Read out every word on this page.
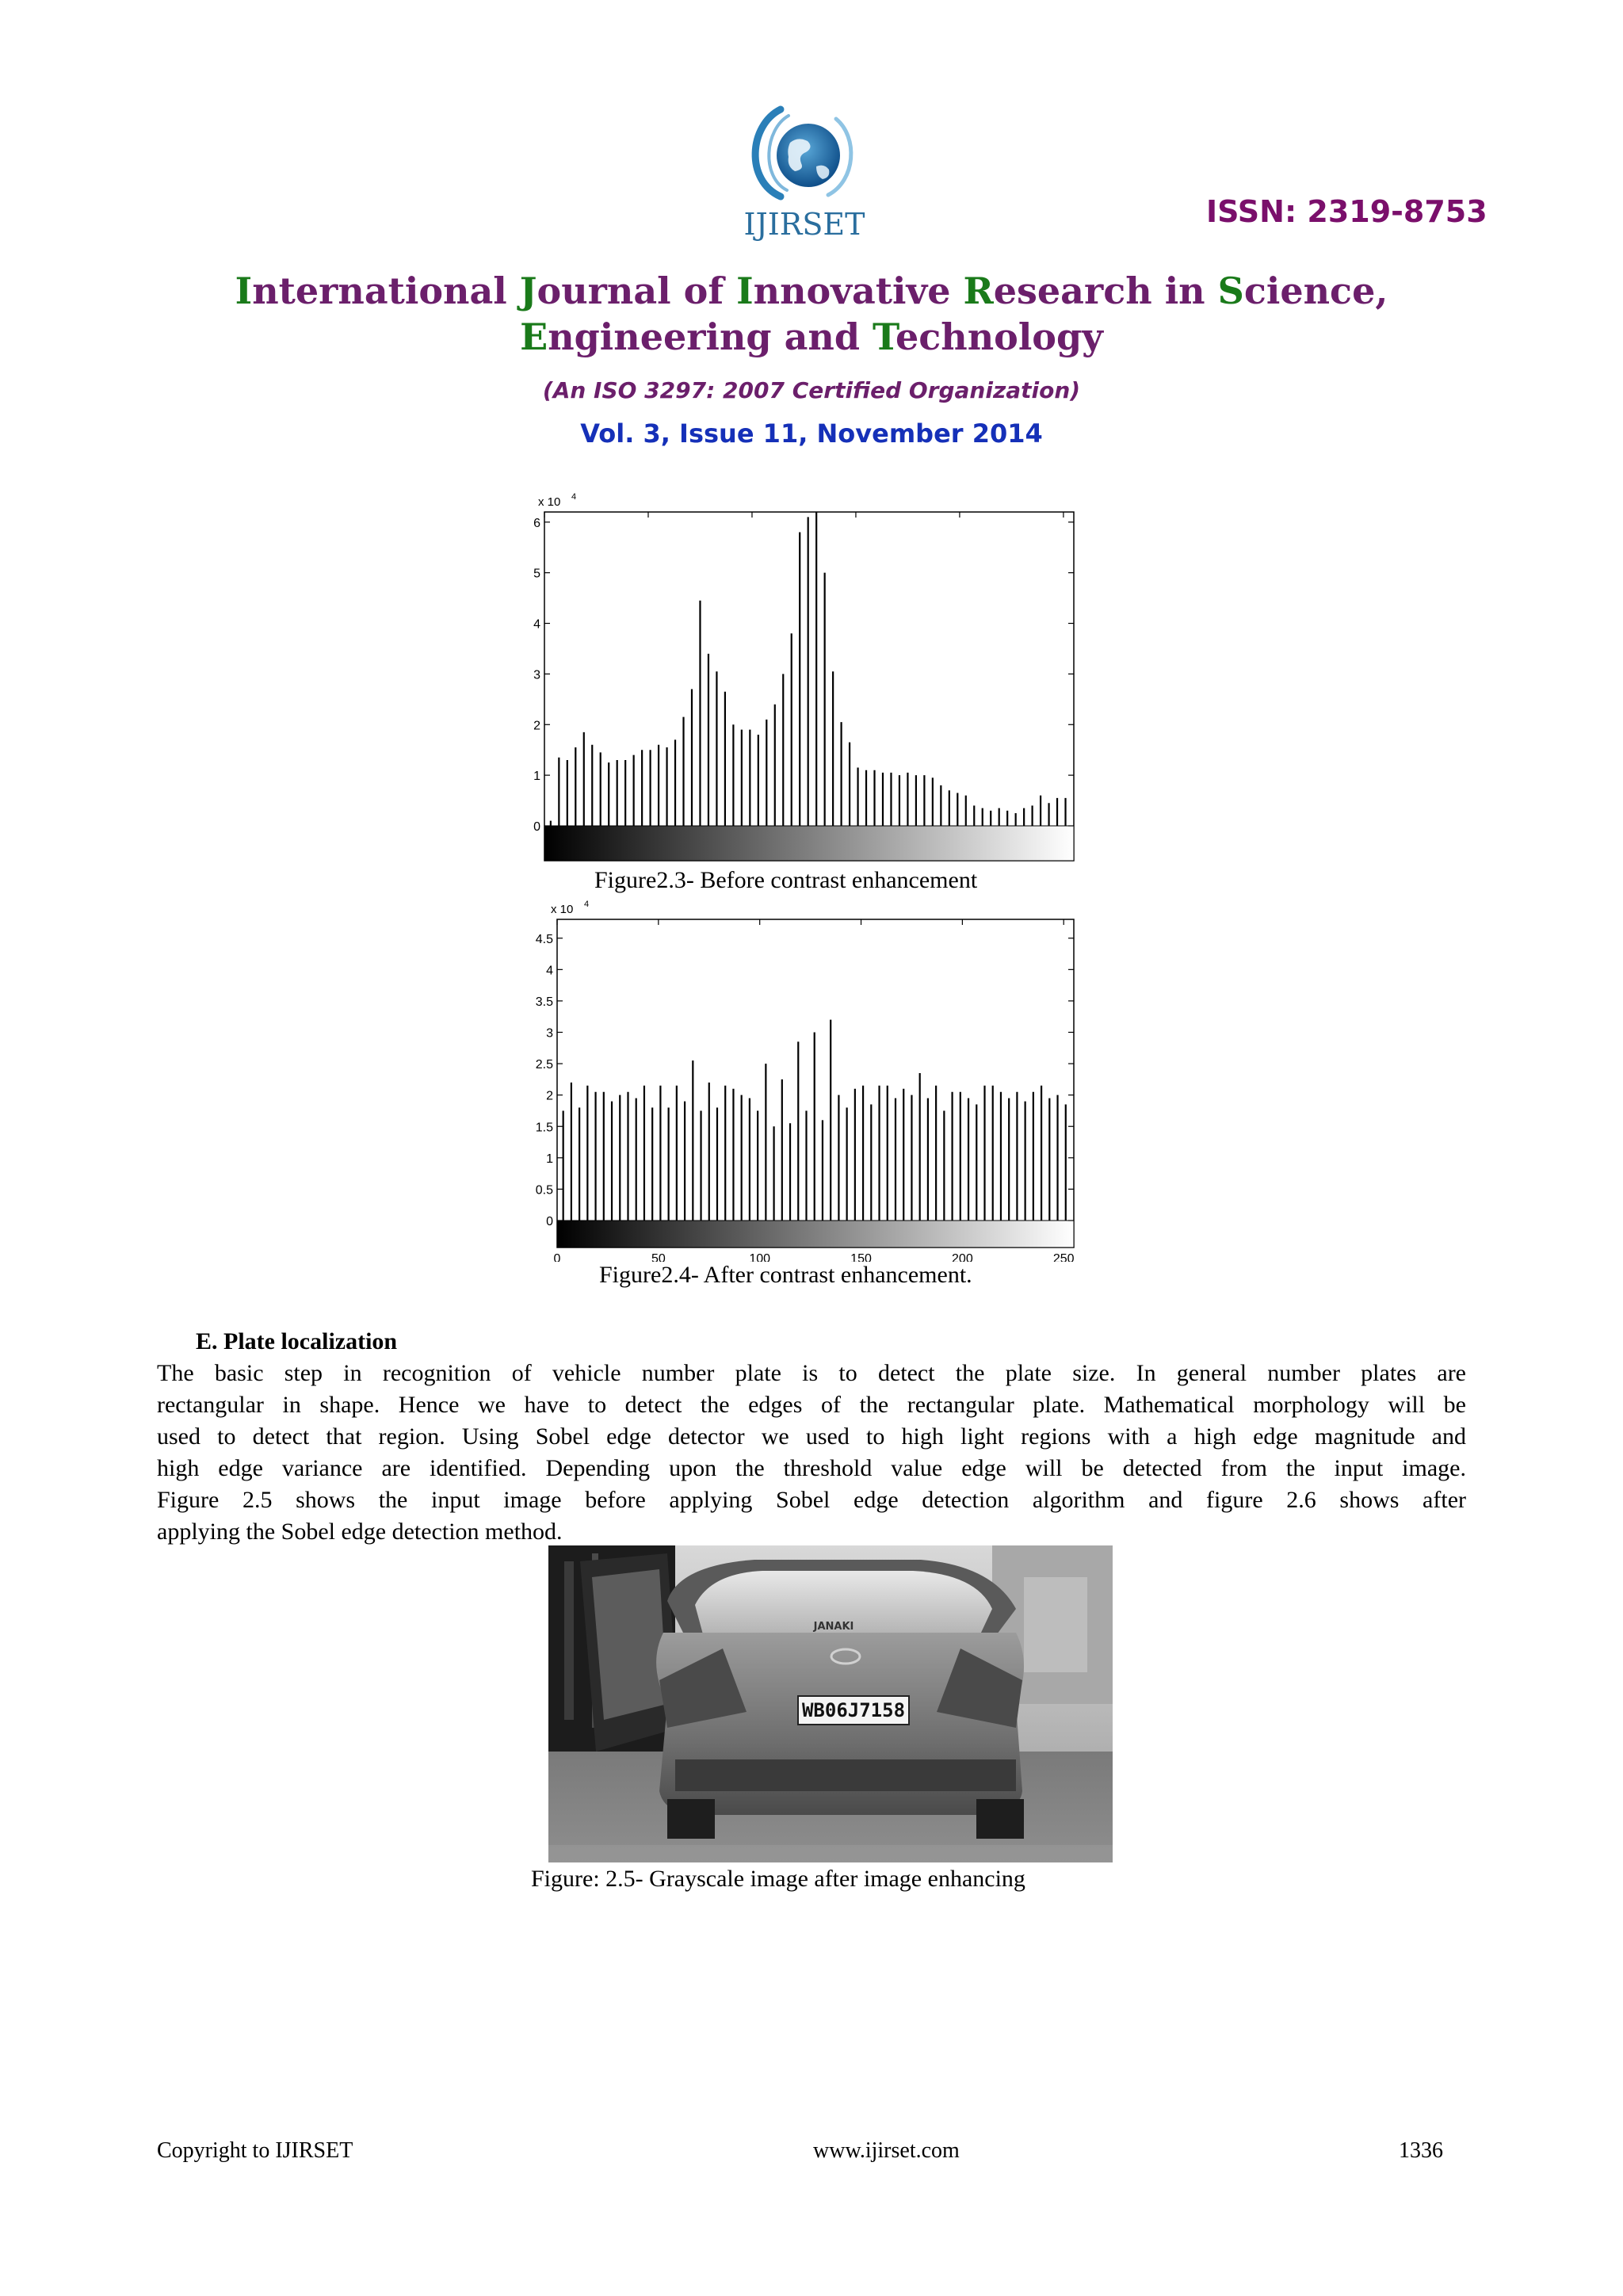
IJIRSET	ISSN: 2319-8753
International Journal of Innovative Research in Science,
Engineering and Technology
(An ISO 3297: 2007 Certified Organization)
Vol. 3, Issue 11, November 2014
0
1
2
3
4
5
6
x 10 4
Figure2.3- Before contrast enhancement
0
0.5
1
1.5
2
2.5
3
3.5
4
4.5
0	50	100	150	200	250
x 10 4
Figure2.4- After contrast enhancement.
E. Plate localization
The basic step in recognition of vehicle number plate is to detect the plate size. In general number plates are
rectangular in shape. Hence we have to detect the edges of the rectangular plate. Mathematical morphology will be
used to detect that region. Using Sobel edge detector we used to high light regions with a high edge magnitude and
high edge variance are identified. Depending upon the threshold value edge will be detected from the input image.
Figure 2.5 shows the input image before applying Sobel edge detection algorithm and figure 2.6 shows after
applying the Sobel edge detection method.
JANAKI
WB06J7158
Figure: 2.5- Grayscale image after image enhancing
Copyright to IJIRSET	www.ijirset.com	1336
